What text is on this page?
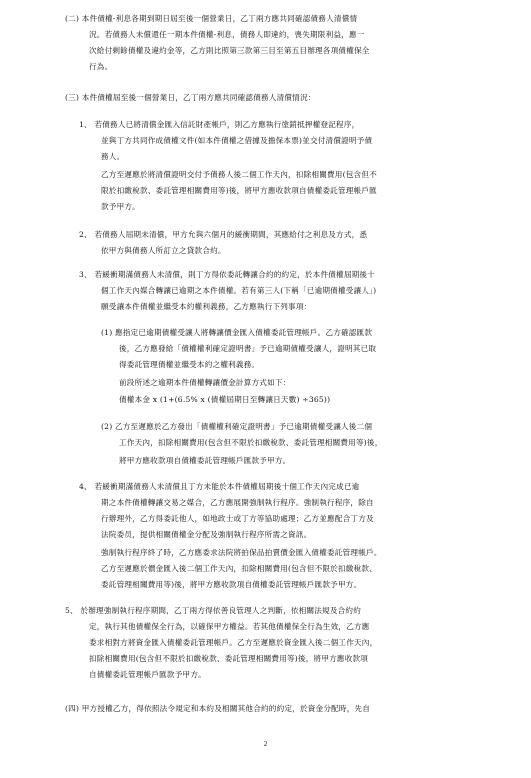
(二) 本件債權-利息各期到期日屆至後一個營業日，乙丁兩方應共同確認債務人清償情

況。若債務人未償還任一期本件債權-利息，債務人即違約，喪失期限利益，應一

次給付剩餘債權及違約金等，乙方則比照第三款第三目至第五目辦理各項債權保全

行為。

(三) 本件債權屆至後一個營業日，乙丁兩方應共同確認債務人清償情況：

1、 若債務人已將清償金匯入信託財產帳戶，則乙方應執行塗銷抵押權登記程序，

並與丁方共同作成債權文件(如本件債權之借據及擔保本票)並交付清償證明予債

務人。

乙方至遲應於將清償證明交付予債務人後二個工作天內，扣除相關費用(包含但不

限於扣繳稅款、委託管理相關費用等)後，將甲方應收款項自債權委託管理帳戶匯

款予甲方。

2、 若債務人屆期未清償，甲方允與六個月的緩衝期間，其應給付之利息及方式，悉

依甲方與債務人所訂立之貸款合約。

3、 若緩衝期滿債務人未清償，則丁方得依委託轉讓合約的約定，於本件債權屆期後十

個工作天內媒合轉讓已逾期之本件債權。若有第三人(下稱「已逾期債權受讓人」)

願受讓本件債權並繼受本約權利義務，乙方應執行下列事項：

(1) 應指定已逾期債權受讓人將轉讓價金匯入債權委託管理帳戶。乙方確認匯款

後，乙方應發給「債權權利確定證明書」予已逾期債權受讓人，證明其已取

得委託管理債權並繼受本約之權利義務。

前段所述之逾期本件債權轉讓價金計算方式如下：

債權本金 x (1+(6.5% x (債權屆期日至轉讓日天數) ÷365))

(2) 乙方至遲應於乙方發出「債權權利確定證明書」予已逾期債權受讓人後二個

工作天內，扣除相關費用(包含但不限於扣繳稅款、委託管理相關費用等)後，

將甲方應收款項自債權委託管理帳戶匯款予甲方。

4、 若緩衝期滿債務人未清償且丁方未能於本件債權屆期後十個工作天內完成已逾

期之本件債權轉讓交易之媒合，乙方應展開強制執行程序。強制執行程序，除自

行辦理外，乙方得委託他人，如地政士或丁方等協助處理；乙方並應配合丁方及

法院委员，提供相關債權金分配及強制執行程序所需之資訊。

強制執行程序終了時，乙方應委求法院將拍保品拍賣價金匯入債權委託管理帳戶。

乙方至遲應於價金匯入後二個工作天內，扣除相關費用(包含但不限於扣繳稅款、

委託管理相關費用等)後，將甲方應收款項自債權委託管理帳戶匯款予甲方。

5、 於辦理強制執行程序期間，乙丁兩方得依善良管理人之判斷，依相關法規及合約約

定，執行其他債權保全行為，以確保甲方權益。若其他債權保全行為生效，乙方應

委求相對方將資金匯入債權委託管理帳戶。乙方至遲應於資金匯入後二個工作天內，

扣除相關費用(包含但不限於扣繳稅款、委託管理相關費用等)後，將甲方應收款項

自債權委託管理帳戶匯款予甲方。

(四) 甲方授權乙方，得依照法令規定和本約及相關其他合約的約定，於資金分配時，先自

2
